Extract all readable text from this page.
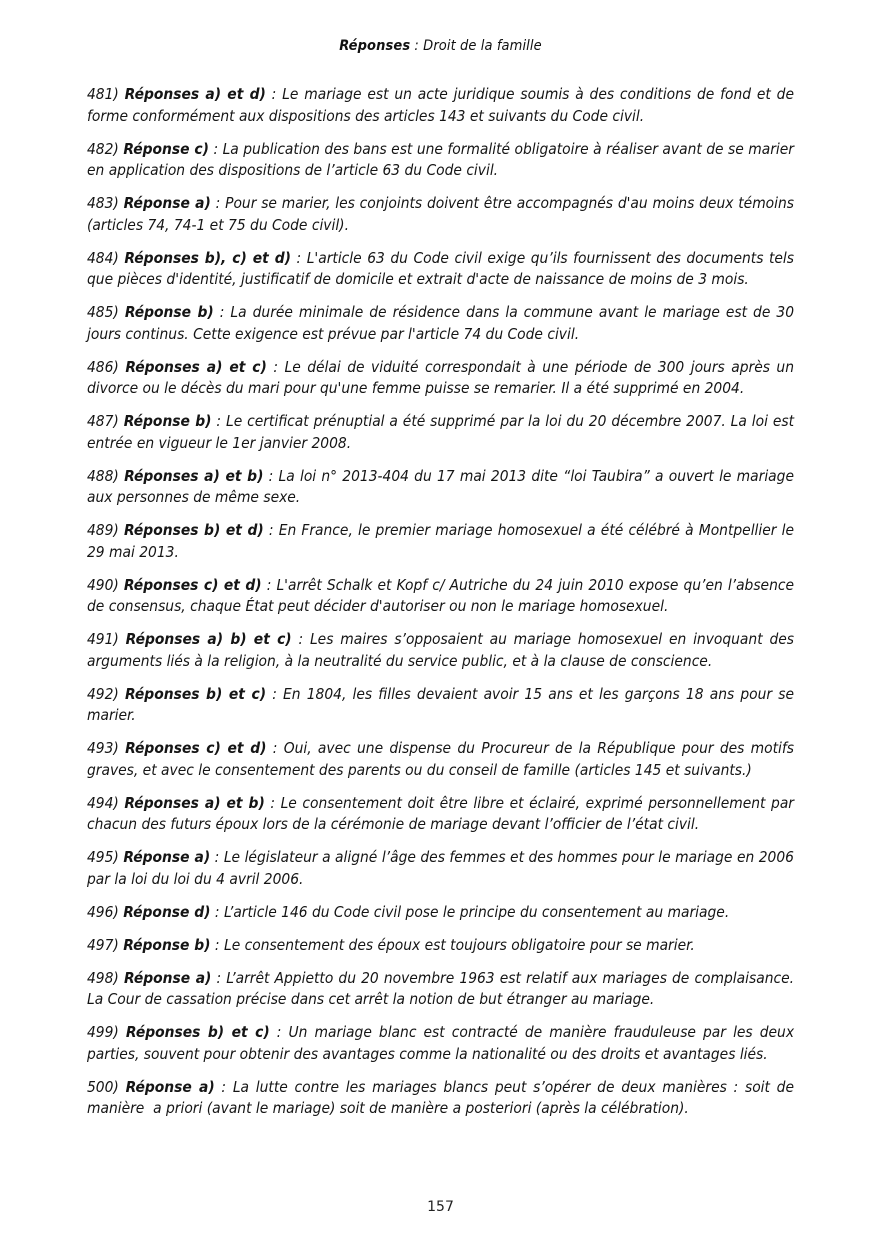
Réponses : Droit de la famille

481) Réponses a) et d) : Le mariage est un acte juridique soumis à des conditions de fond et de forme conformément aux dispositions des articles 143 et suivants du Code civil.

482) Réponse c) : La publication des bans est une formalité obligatoire à réaliser avant de se marier en application des dispositions de l’article 63 du Code civil.

483) Réponse a) : Pour se marier, les conjoints doivent être accompagnés d'au moins deux témoins (articles 74, 74-1 et 75 du Code civil).

484) Réponses b), c) et d) : L'article 63 du Code civil exige qu’ils fournissent des documents tels que pièces d'identité, justificatif de domicile et extrait d'acte de naissance de moins de 3 mois.

485) Réponse b) : La durée minimale de résidence dans la commune avant le mariage est de 30 jours continus. Cette exigence est prévue par l'article 74 du Code civil.

486) Réponses a) et c) : Le délai de viduité correspondait à une période de 300 jours après un divorce ou le décès du mari pour qu'une femme puisse se remarier. Il a été supprimé en 2004.

487) Réponse b) : Le certificat prénuptial a été supprimé par la loi du 20 décembre 2007. La loi est entrée en vigueur le 1er janvier 2008.

488) Réponses a) et b) : La loi n° 2013-404 du 17 mai 2013 dite “loi Taubira” a ouvert le mariage  aux personnes de même sexe.

489) Réponses b) et d) : En France, le premier mariage homosexuel a été célébré à Montpellier le 29 mai 2013.

490) Réponses c) et d) : L'arrêt Schalk et Kopf c/ Autriche du 24 juin 2010 expose qu’en l’absence de consensus, chaque État peut décider d'autoriser ou non le mariage homosexuel.

491) Réponses a) b) et c) : Les maires s’opposaient au mariage homosexuel en invoquant des arguments liés à la religion, à la neutralité du service public, et à la clause de conscience.

492) Réponses b) et c) : En 1804, les filles devaient avoir 15 ans et les garçons 18 ans pour se marier.

493) Réponses c) et d) : Oui, avec une dispense du Procureur de la République pour des motifs graves, et avec le consentement des parents ou du conseil de famille (articles 145 et suivants.)

494) Réponses a) et b) : Le consentement doit être libre et éclairé, exprimé personnellement par chacun des futurs époux lors de la cérémonie de mariage devant l’officier de l’état civil.

495) Réponse a) : Le législateur a aligné l’âge des femmes et des hommes pour le mariage en 2006 par la loi du loi du 4 avril 2006.

496) Réponse d) : L’article 146 du Code civil pose le principe du consentement au mariage.

497) Réponse b) : Le consentement des époux est toujours obligatoire pour se marier.

498) Réponse a) : L’arrêt Appietto du 20 novembre 1963 est relatif aux mariages de complaisance. La Cour de cassation précise dans cet arrêt la notion de but étranger au mariage.

499) Réponses b) et c) : Un mariage blanc est contracté de manière frauduleuse par les deux parties, souvent pour obtenir des avantages comme la nationalité ou des droits et avantages liés.

500) Réponse a) : La lutte contre les mariages blancs peut s’opérer de deux manières : soit de manière  a priori (avant le mariage) soit de manière a posteriori (après la célébration).

157
